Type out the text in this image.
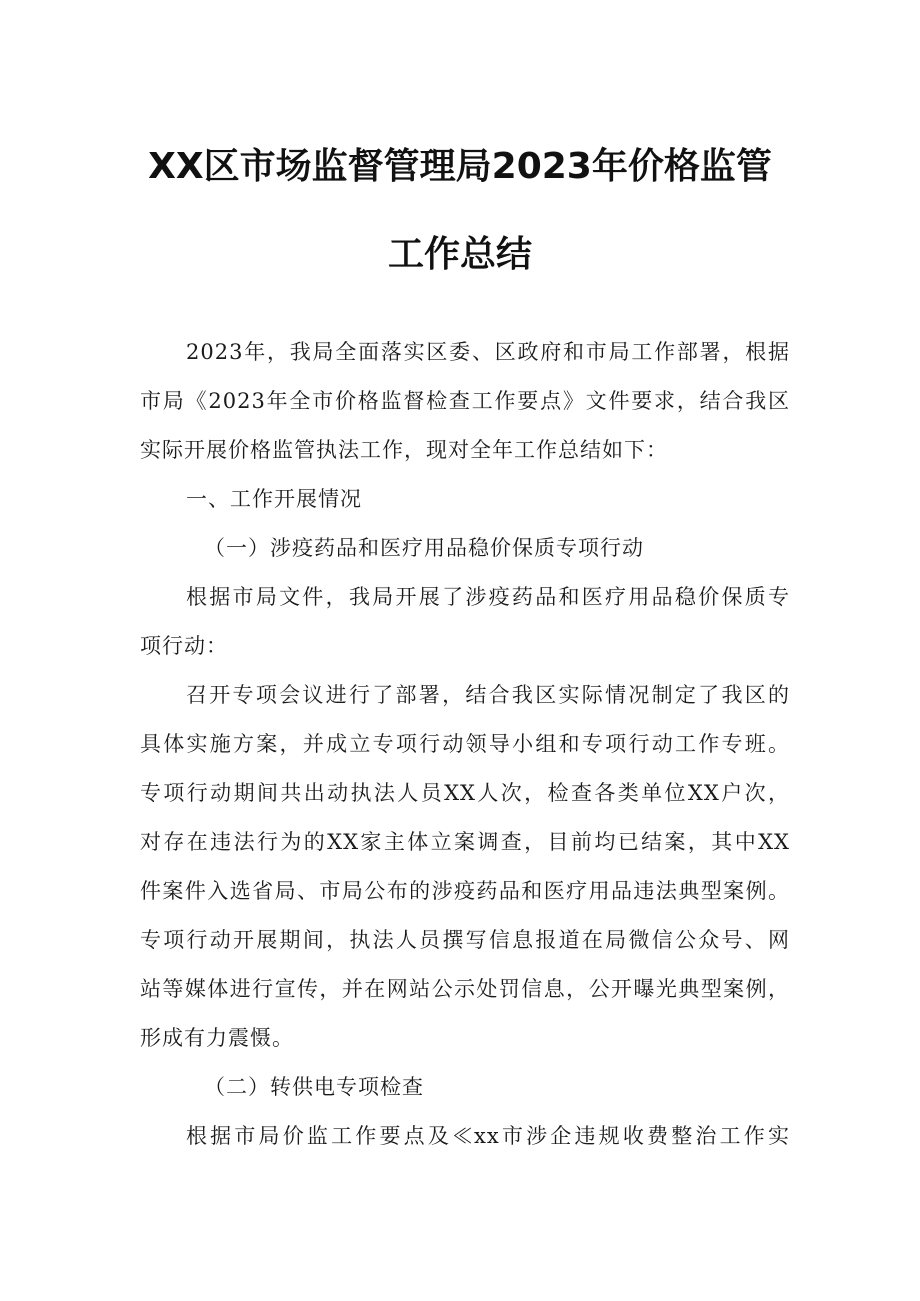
XX区市场监督管理局2023年价格监管
工作总结
2023年，我局全面落实区委、区政府和市局工作部署，根据
市局《2023年全市价格监督检查工作要点》文件要求，结合我区
实际开展价格监管执法工作，现对全年工作总结如下：
一、工作开展情况
（一）涉疫药品和医疗用品稳价保质专项行动
根据市局文件，我局开展了涉疫药品和医疗用品稳价保质专
项行动：
召开专项会议进行了部署，结合我区实际情况制定了我区的
具体实施方案，并成立专项行动领导小组和专项行动工作专班。
专项行动期间共出动执法人员XX人次，检查各类单位XX户次，
对存在违法行为的XX家主体立案调查，目前均已结案，其中XX
件案件入选省局、市局公布的涉疫药品和医疗用品违法典型案例。
专项行动开展期间，执法人员撰写信息报道在局微信公众号、网
站等媒体进行宣传，并在网站公示处罚信息，公开曝光典型案例，
形成有力震慑。
（二）转供电专项检查
根据市局价监工作要点及≪xx市涉企违规收费整治工作实
